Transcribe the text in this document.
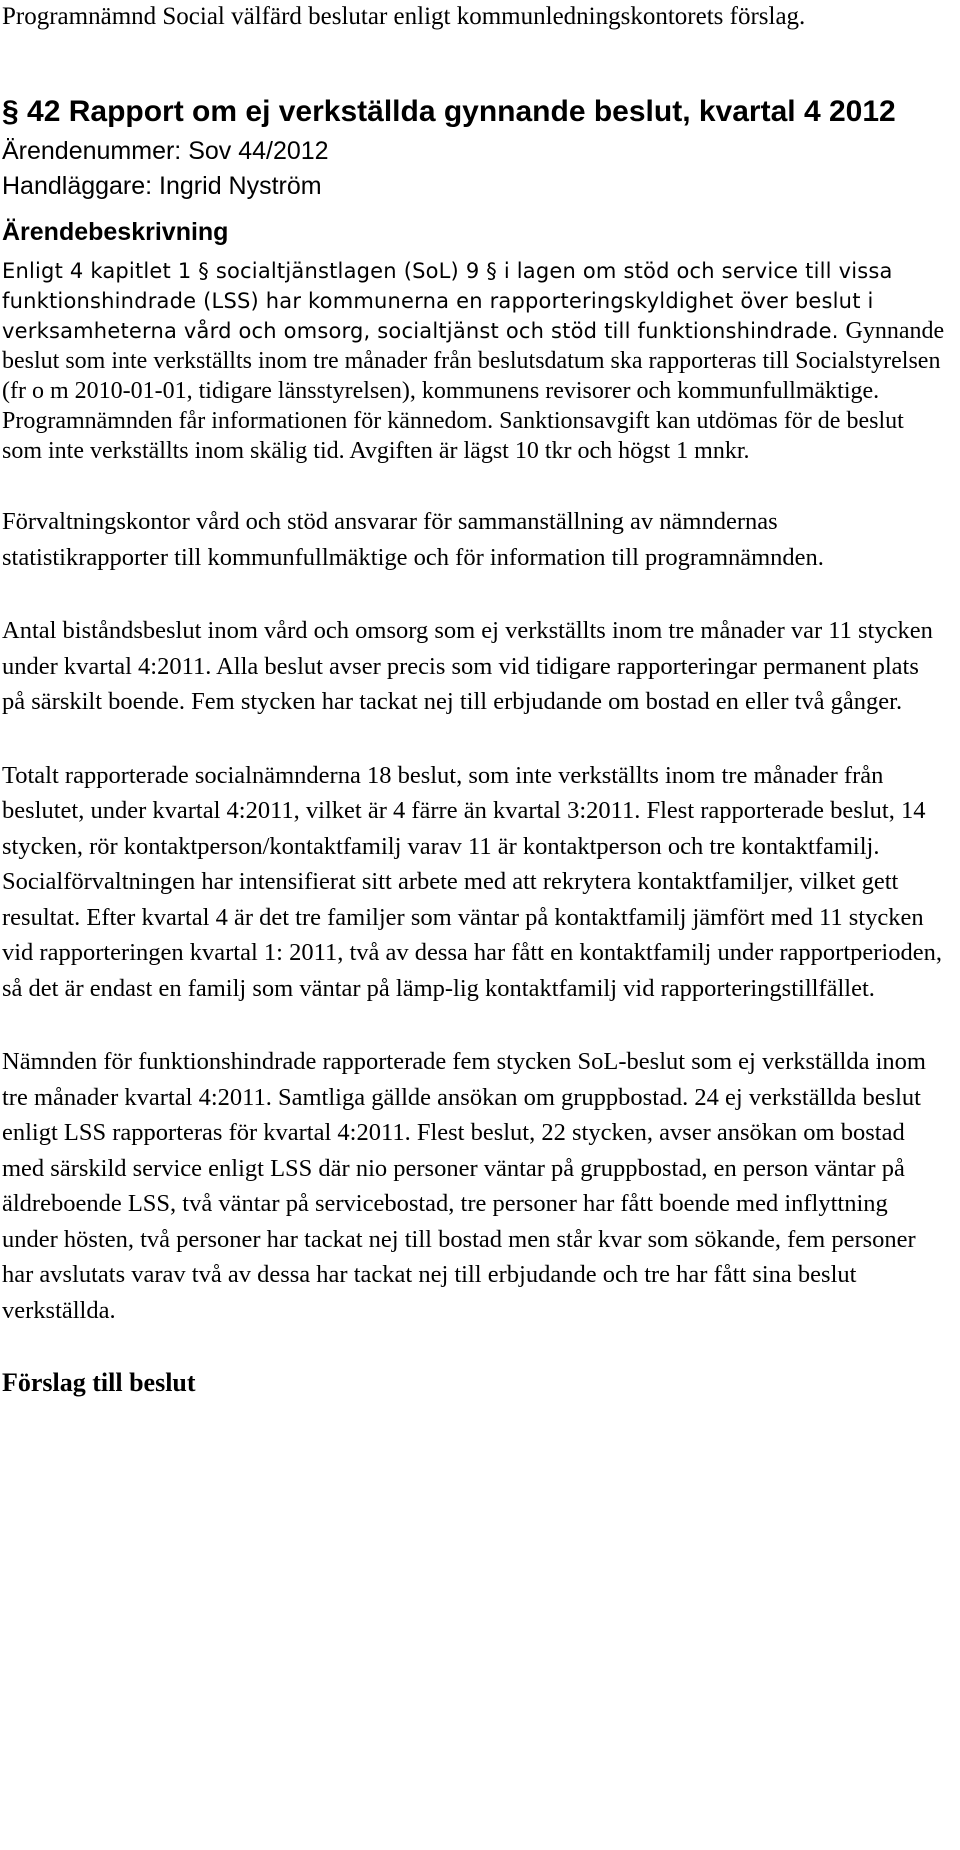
Programnämnd Social välfärd beslutar enligt kommunledningskontorets förslag.

§ 42 Rapport om ej verkställda gynnande beslut, kvartal 4 2012
Ärendenummer: Sov 44/2012
Handläggare: Ingrid Nyström
Ärendebeskrivning

Enligt 4 kapitlet 1 § socialtjänstlagen (SoL) 9 § i lagen om stöd och service till vissa funktionshindrade (LSS) har kommunerna en rapporteringskyldighet över beslut i verksamheterna vård och omsorg, socialtjänst och stöd till funktionshindrade. Gynnande beslut som inte verkställts inom tre månader från beslutsdatum ska rapporteras till Socialstyrelsen (fr o m 2010-01-01, tidigare länsstyrelsen), kommunens revisorer och kommunfullmäktige. Programnämnden får informationen för kännedom. Sanktionsavgift kan utdömas för de beslut som inte verkställts inom skälig tid. Avgiften är lägst 10 tkr och högst 1 mnkr.

Förvaltningskontor vård och stöd ansvarar för sammanställning av nämndernas statistikrapporter till kommunfullmäktige och för information till programnämnden.

Antal biståndsbeslut inom vård och omsorg som ej verkställts inom tre månader var 11 stycken under kvartal 4:2011. Alla beslut avser precis som vid tidigare rapporteringar permanent plats på särskilt boende. Fem stycken har tackat nej till erbjudande om bostad en eller två gånger.

Totalt rapporterade socialnämnderna 18 beslut, som inte verkställts inom tre månader från beslutet, under kvartal 4:2011, vilket är 4 färre än kvartal 3:2011. Flest rapporterade beslut, 14 stycken, rör kontaktperson/kontaktfamilj varav 11 är kontaktperson och tre kontaktfamilj. Socialförvaltningen har intensifierat sitt arbete med att rekrytera kontaktfamiljer, vilket gett resultat. Efter kvartal 4 är det tre familjer som väntar på kontaktfamilj jämfört med 11 stycken vid rapporteringen kvartal 1: 2011, två av dessa har fått en kontaktfamilj under rapportperioden, så det är endast en familj som väntar på lämp-lig kontaktfamilj vid rapporteringstillfället.

Nämnden för funktionshindrade rapporterade fem stycken SoL-beslut som ej verkställda inom tre månader kvartal 4:2011. Samtliga gällde ansökan om gruppbostad. 24 ej verkställda beslut enligt LSS rapporteras för kvartal 4:2011. Flest beslut, 22 stycken, avser ansökan om bostad med särskild service enligt LSS där nio personer väntar på gruppbostad, en person väntar på äldreboende LSS, två väntar på servicebostad, tre personer har fått boende med inflyttning under hösten, två personer har tackat nej till bostad men står kvar som sökande, fem personer har avslutats varav två av dessa har tackat nej till erbjudande och tre har fått sina beslut verkställda.

Förslag till beslut
